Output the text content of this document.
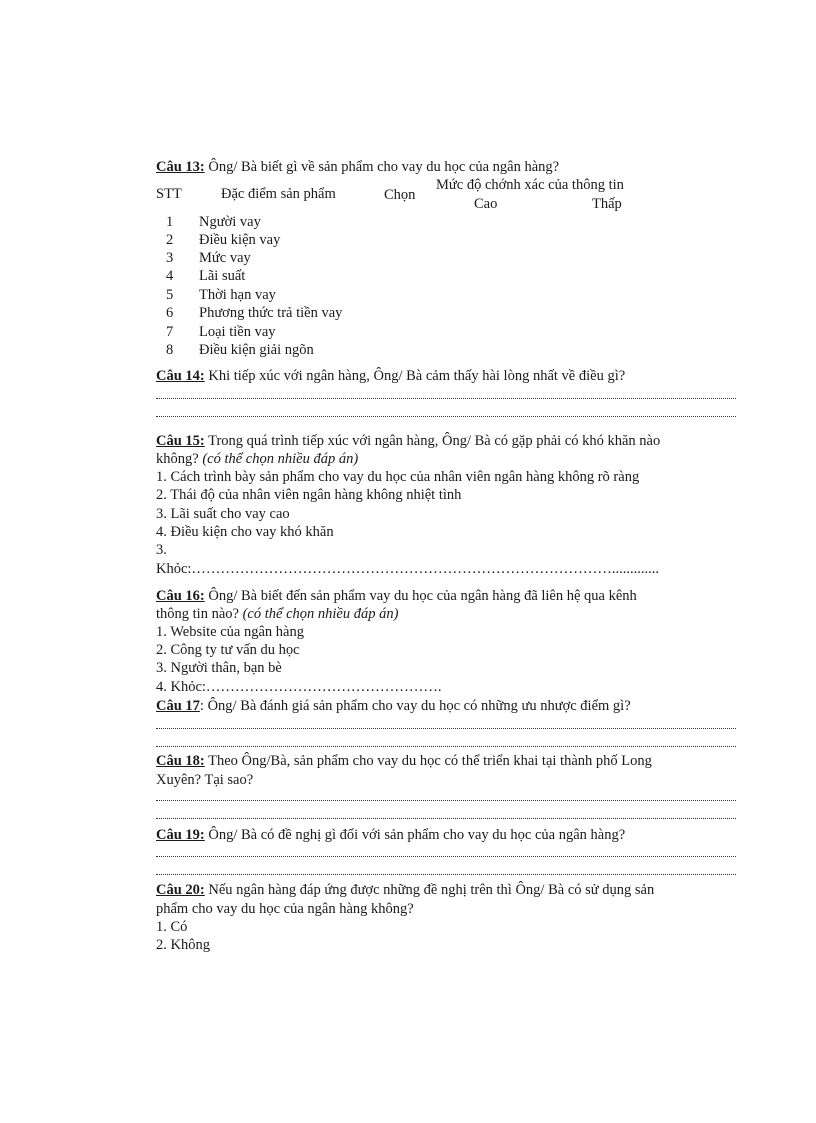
Câu 13: Ông/ Bà biết gì về sản phẩm cho vay du học của ngân hàng?
STT	Đặc điểm sản phẩm	Chọn
Mức độ chớnh xác của thông tin
Cao	Thấp
1	Người vay
2	Điều kiện vay
3	Mức vay
4	Lãi suất
5	Thời hạn vay
6	Phương thức trả tiền vay
7	Loại tiền vay
8	Điều kiện giải ngõn
Câu 14: Khi tiếp xúc với ngân hàng, Ông/ Bà cảm thấy hài lòng nhất về điều gì?
Câu 15: Trong quá trình tiếp xúc với ngân hàng, Ông/ Bà có gặp phải có khó khăn nào
không? (có thể chọn nhiều đáp án)
1. Cách trình bày sản phẩm cho vay du học của nhân viên ngân hàng không rõ ràng
2. Thái độ của nhân viên ngân hàng không nhiệt tình
3. Lãi suất cho vay cao
4. Điều kiện cho vay khó khăn
3.
Khỏc:…………………………………………………………………………….............
Câu 16: Ông/ Bà biết đến sản phẩm vay du học của ngân hàng đã liên hệ qua kênh
thông tin nào? (có thể chọn nhiều đáp án)
1. Website của ngân hàng
2. Công ty tư vấn du học
3. Người thân, bạn bè
4. Khỏc:………………………………………….
Câu 17: Ông/ Bà đánh giá sản phẩm cho vay du học có những ưu nhược điểm gì?
Câu 18: Theo Ông/Bà, sản phẩm cho vay du học có thể triển khai tại thành phố Long
Xuyên? Tại sao?
Câu 19: Ông/ Bà có đề nghị gì đối với sản phẩm cho vay du học của ngân hàng?
Câu 20: Nếu ngân hàng đáp ứng được những đề nghị trên thì Ông/ Bà có sử dụng sản
phẩm cho vay du học của ngân hàng không?
1. Có
2. Không
